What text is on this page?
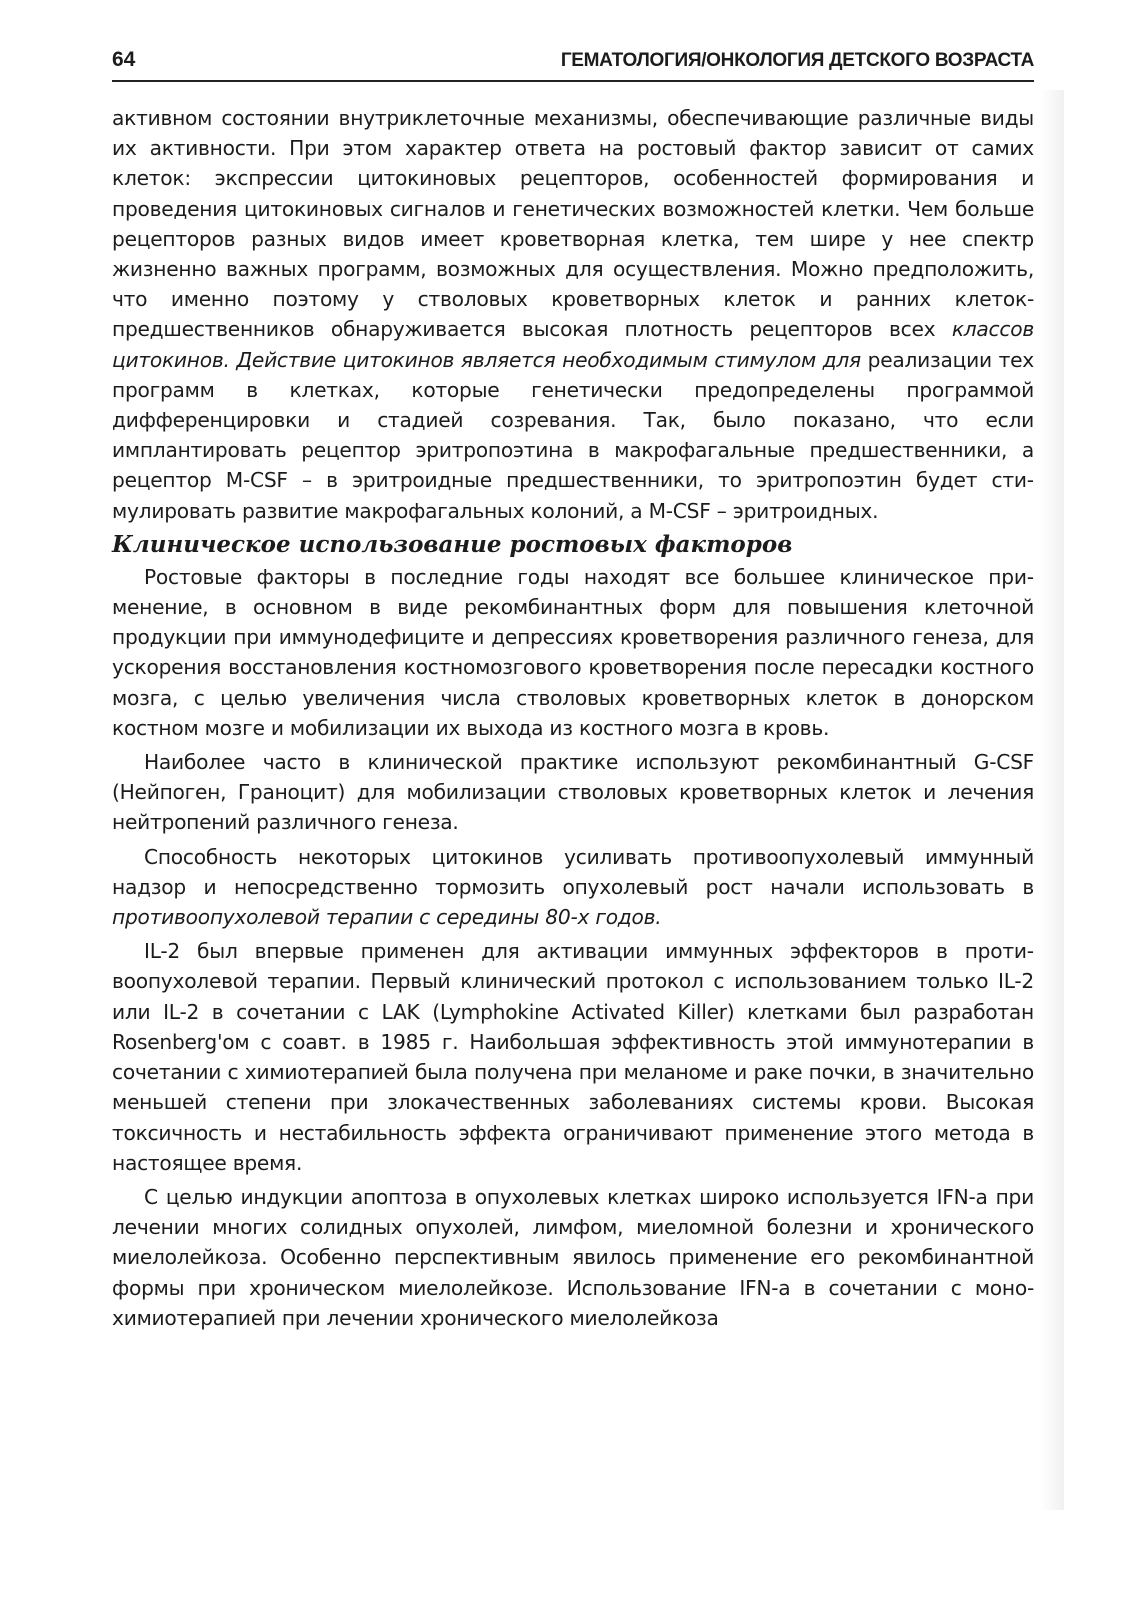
64	ГЕМАТОЛОГИЯ/ОНКОЛОГИЯ ДЕТСКОГО ВОЗРАСТА

активном состоянии внутриклеточные механизмы, обеспечивающие различные виды их активности. При этом характер ответа на ростовый фактор зависит от самих клеток: экспрессии цитокиновых рецепторов, особенностей формирования и проведения цитокиновых сигналов и генетических возможностей клетки. Чем больше рецепторов разных видов имеет кроветворная клетка, тем шире у нее спектр жизненно важных программ, возможных для осуществления. Можно предположить, что именно поэтому у стволовых кроветворных клеток и ранних клеток-предшественников обнаруживается высокая плотность рецепторов всех классов цитокинов. Действие цитокинов является необходимым стимулом для реализации тех программ в клетках, которые генетически предопределены программой дифференцировки и стадией созревания. Так, было показано, что если имплантировать рецептор эритропоэтина в макрофагальные предшественники, а рецептор M-CSF – в эритроидные предшественники, то эритропоэтин будет стимулировать развитие макрофагальных колоний, а M-CSF – эритроидных.

Клиническое использование ростовых факторов

Ростовые факторы в последние годы находят все большее клиническое применение, в основном в виде рекомбинантных форм для повышения клеточной продукции при иммунодефиците и депрессиях кроветворения различного генеза, для ускорения восстановления костномозгового кроветворения после пересадки костного мозга, с целью увеличения числа стволовых кроветворных клеток в донорском костном мозге и мобилизации их выхода из костного мозга в кровь.

Наиболее часто в клинической практике используют рекомбинантный G-CSF (Нейпоген, Граноцит) для мобилизации стволовых кроветворных клеток и лечения нейтропений различного генеза.

Способность некоторых цитокинов усиливать противоопухолевый иммунный надзор и непосредственно тормозить опухолевый рост начали использовать в противоопухолевой терапии с середины 80-х годов.

IL-2 был впервые применен для активации иммунных эффекторов в противоопухолевой терапии. Первый клинический протокол с использованием только IL-2 или IL-2 в сочетании с LAK (Lymphokine Activated Killer) клетками был разработан Rosenberg'ом с соавт. в 1985 г. Наибольшая эффективность этой иммунотерапии в сочетании с химиотерапией была получена при меланоме и раке почки, в значительно меньшей степени при злокачественных заболеваниях системы крови. Высокая токсичность и нестабильность эффекта ограничивают применение этого метода в настоящее время.

С целью индукции апоптоза в опухолевых клетках широко используется IFN-a при лечении многих солидных опухолей, лимфом, миеломной болезни и хронического миелолейкоза. Особенно перспективным явилось применение его рекомбинантной формы при хроническом миелолейкозе. Использование IFN-a в сочетании с моно- химиотерапией при лечении хронического миелолейкоза
